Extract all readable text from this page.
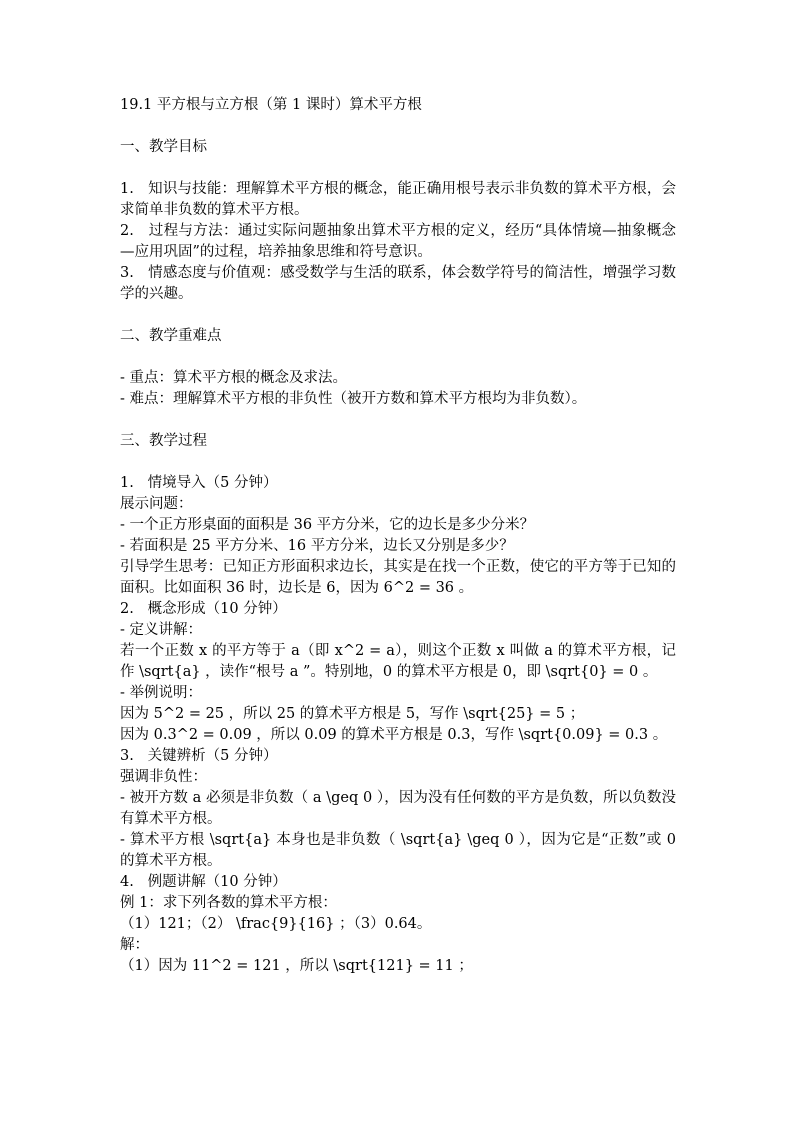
19.1 平方根与立方根（第 1 课时）算术平方根
一、教学目标
1.   知识与技能：理解算术平方根的概念，能正确用根号表示非负数的算术平方根，会求简单非负数的算术平方根。
2.   过程与方法：通过实际问题抽象出算术平方根的定义，经历“具体情境—抽象概念—应用巩固”的过程，培养抽象思维和符号意识。
3.   情感态度与价值观：感受数学与生活的联系，体会数学符号的简洁性，增强学习数学的兴趣。
二、教学重难点
- 重点：算术平方根的概念及求法。
- 难点：理解算术平方根的非负性（被开方数和算术平方根均为非负数）。
三、教学过程
1.   情境导入（5 分钟）
展示问题：
- 一个正方形桌面的面积是 36 平方分米，它的边长是多少分米？
- 若面积是 25 平方分米、16 平方分米，边长又分别是多少？
引导学生思考：已知正方形面积求边长，其实是在找一个正数，使它的平方等于已知的面积。比如面积 36 时，边长是 6，因为 6^2 = 36 。
2.   概念形成（10 分钟）
- 定义讲解：
若一个正数 x 的平方等于 a（即 x^2 = a），则这个正数 x 叫做 a 的算术平方根，记作 \sqrt{a} ，读作“根号 a ”。特别地，0 的算术平方根是 0，即 \sqrt{0} = 0 。
- 举例说明：
因为 5^2 = 25 ，所以 25 的算术平方根是 5，写作 \sqrt{25} = 5 ；
因为 0.3^2 = 0.09 ，所以 0.09 的算术平方根是 0.3，写作 \sqrt{0.09} = 0.3 。
3.   关键辨析（5 分钟）
强调非负性：
- 被开方数 a 必须是非负数（ a \geq 0 ），因为没有任何数的平方是负数，所以负数没有算术平方根。
- 算术平方根 \sqrt{a} 本身也是非负数（ \sqrt{a} \geq 0 ），因为它是“正数”或 0 的算术平方根。
4.   例题讲解（10 分钟）
例 1：求下列各数的算术平方根：
（1）121；（2） \frac{9}{16} ；（3）0.64。
解：
（1）因为 11^2 = 121 ，所以 \sqrt{121} = 11 ；
